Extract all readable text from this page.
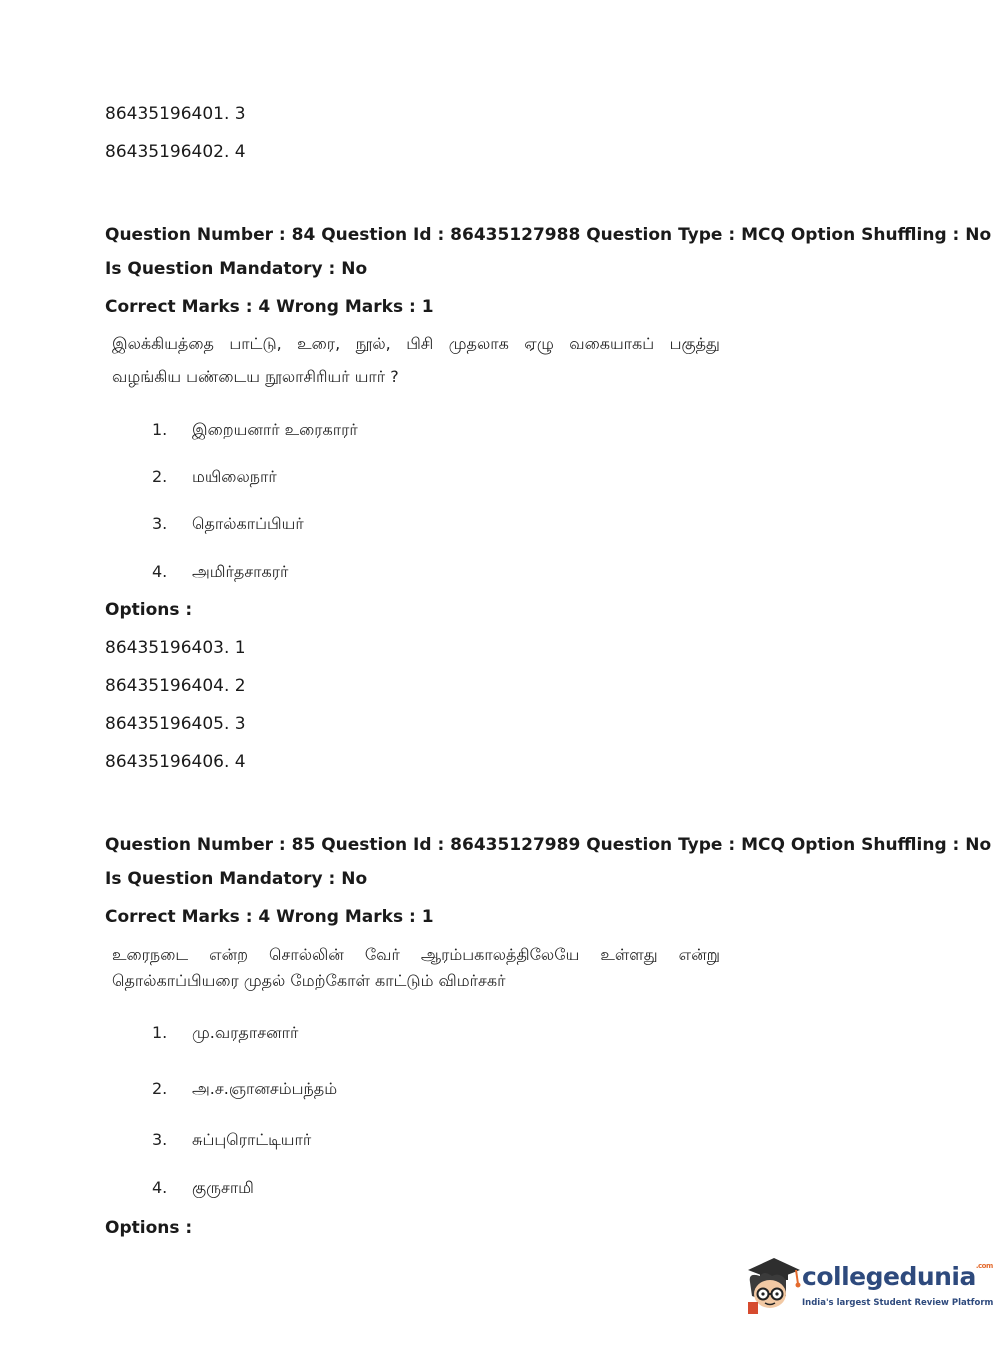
86435196401. 3
86435196402. 4
Question Number : 84 Question Id : 86435127988 Question Type : MCQ Option Shuffling : No
Is Question Mandatory : No
Correct Marks : 4 Wrong Marks : 1
இலக்கியத்தை பாட்டு, உரை, நூல், பிசி முதலாக ஏழு வகையாகப் பகுத்து
வழங்கிய பண்டைய நூலாசிரியர் யார் ?
1. இறையனார் உரைகாரர்
2. மயிலைநார்
3. தொல்காப்பியர்
4. அமிர்தசாகரர்
Options :
86435196403. 1
86435196404. 2
86435196405. 3
86435196406. 4
Question Number : 85 Question Id : 86435127989 Question Type : MCQ Option Shuffling : No
Is Question Mandatory : No
Correct Marks : 4 Wrong Marks : 1
உரைநடை என்ற சொல்லின் வேர் ஆரம்பகாலத்திலேயே உள்ளது என்று
தொல்காப்பியரை முதல் மேற்கோள் காட்டும் விமர்சகர்
1. மு.வரதாசனார்
2. அ.ச.ஞானசம்பந்தம்
3. சுப்புரொட்டியார்
4. குருசாமி
Options :
collegedunia$^{.com}$
India's largest Student Review Platform
